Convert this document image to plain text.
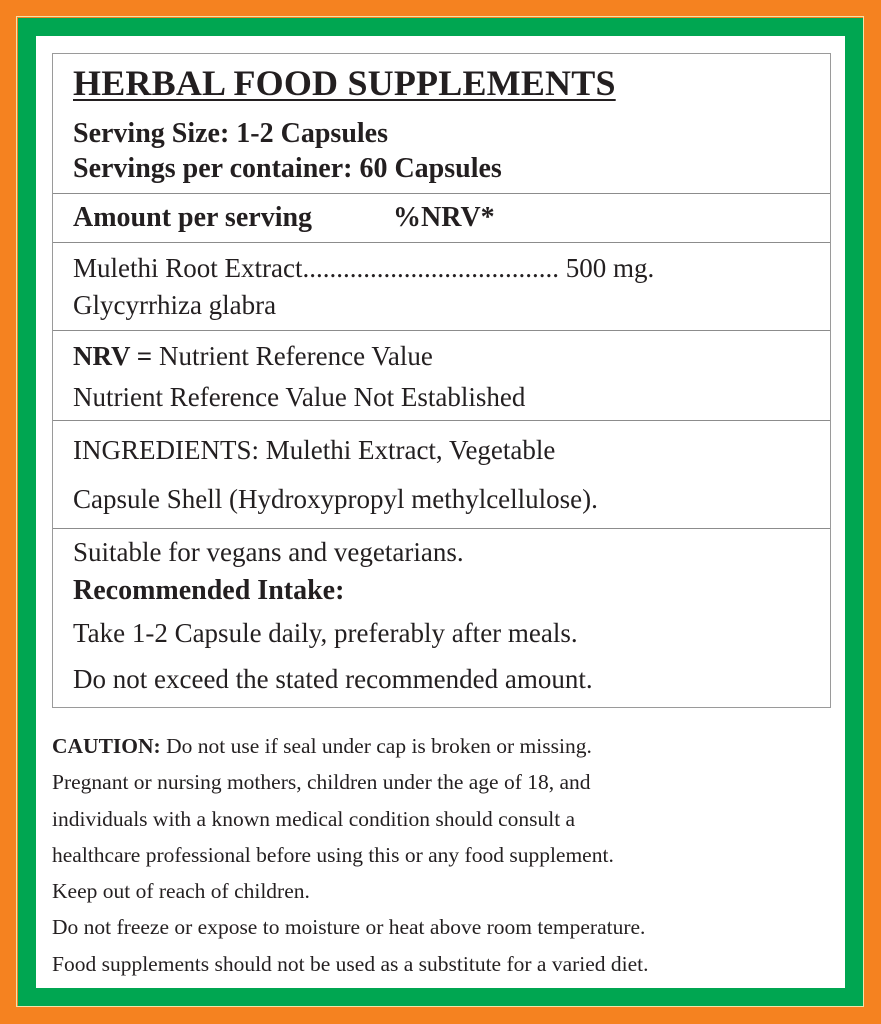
HERBAL FOOD SUPPLEMENTS
Serving Size: 1-2 Capsules
Servings per container: 60 Capsules
Amount per serving	%NRV*
Mulethi Root Extract...................................... 500 mg.
Glycyrrhiza glabra
NRV = Nutrient Reference Value
Nutrient Reference Value Not Established
INGREDIENTS: Mulethi Extract, Vegetable
Capsule Shell (Hydroxypropyl methylcellulose).
Suitable for vegans and vegetarians.
Recommended Intake:
Take 1-2 Capsule daily, preferably after meals.
Do not exceed the stated recommended amount.
CAUTION: Do not use if seal under cap is broken or missing.
Pregnant or nursing mothers, children under the age of 18, and
individuals with a known medical condition should consult a
healthcare professional before using this or any food supplement.
Keep out of reach of children.
Do not freeze or expose to moisture or heat above room temperature.
Food supplements should not be used as a substitute for a varied diet.
